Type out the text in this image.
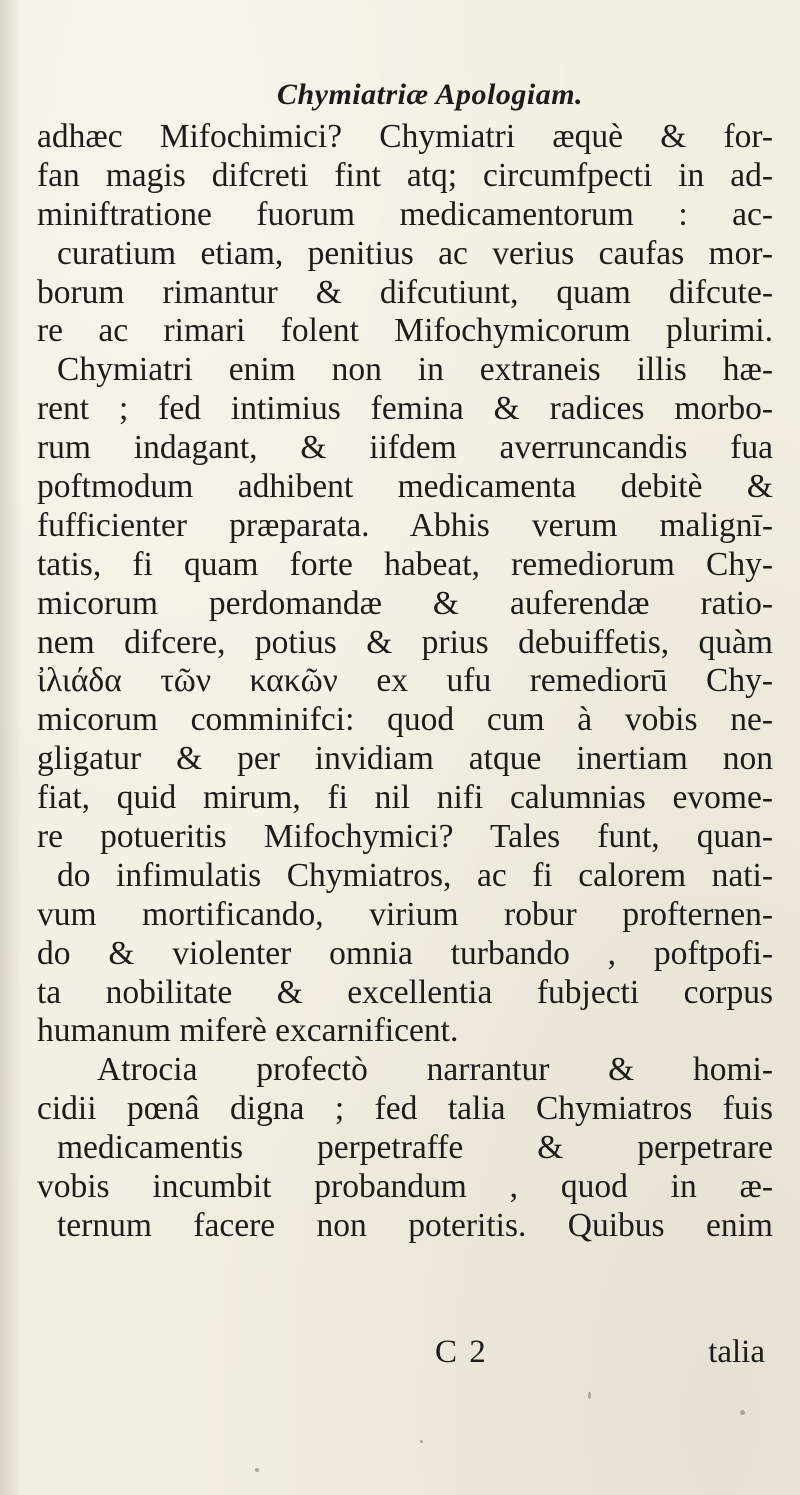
Chymiatriæ Apologiam.
adhæc Mifochimici? Chymiatri æquè & for-
fan magis difcreti fint atq; circumfpecti in ad-
miniftratione fuorum medicamentorum : ac-
curatium etiam, penitius ac verius caufas mor-
borum rimantur & difcutiunt, quam difcute-
re ac rimari folent Mifochymicorum plurimi.
Chymiatri enim non in extraneis illis hæ-
rent ; fed intimius femina & radices morbo-
rum indagant, & iifdem averruncandis fua
poftmodum adhibent medicamenta debitè &
fufficienter præparata. Abhis verum malignī-
tatis, fi quam forte habeat, remediorum Chy-
micorum perdomandæ & auferendæ ratio-
nem difcere, potius & prius debuiffetis, quàm
ἰλιάδα τῶν κακῶν ex ufu remediorū Chy-
micorum comminifci: quod cum à vobis ne-
gligatur & per invidiam atque inertiam non
fiat, quid mirum, fi nil nifi calumnias evome-
re potueritis Mifochymici? Tales funt, quan-
do infimulatis Chymiatros, ac fi calorem nati-
vum mortificando, virium robur profternen-
do & violenter omnia turbando , poftpofi-
ta nobilitate & excellentia fubjecti corpus
humanum miferè excarnificent.
Atrocia profectò narrantur & homi-
cidii pœnâ digna ; fed talia Chymiatros fuis
medicamentis perpetraffe & perpetrare
vobis incumbit probandum , quod in æ-
ternum facere non poteritis. Quibus enim
C 2	talia
